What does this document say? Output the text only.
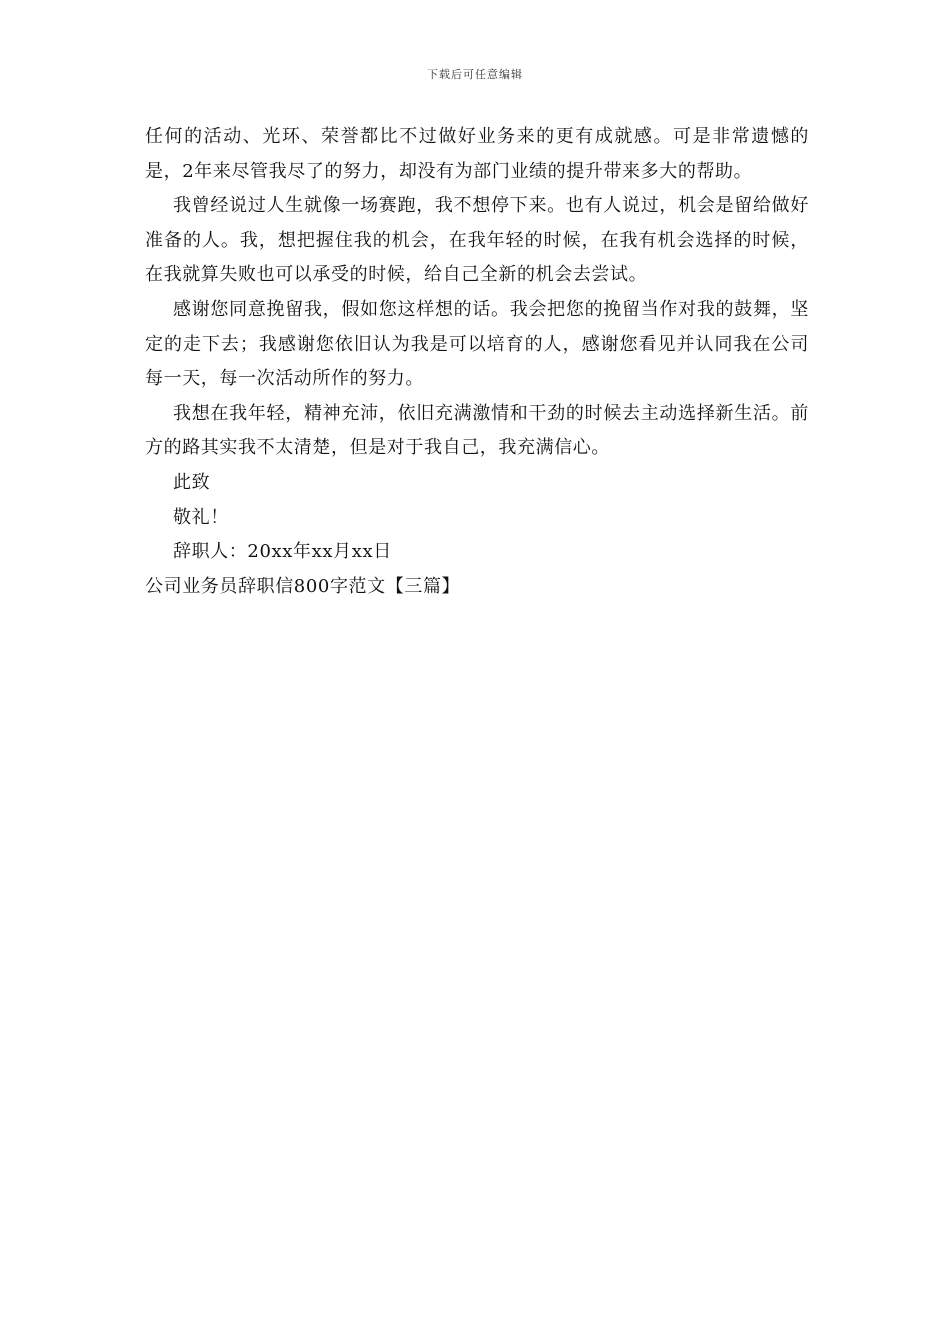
下载后可任意编辑

任何的活动、光环、荣誉都比不过做好业务来的更有成就感。可是非常遗憾的是，2年来尽管我尽了的努力，却没有为部门业绩的提升带来多大的帮助。

我曾经说过人生就像一场赛跑，我不想停下来。也有人说过，机会是留给做好准备的人。我，想把握住我的机会，在我年轻的时候，在我有机会选择的时候，在我就算失败也可以承受的时候，给自己全新的机会去尝试。

感谢您同意挽留我，假如您这样想的话。我会把您的挽留当作对我的鼓舞，坚定的走下去；我感谢您依旧认为我是可以培育的人，感谢您看见并认同我在公司每一天，每一次活动所作的努力。

我想在我年轻，精神充沛，依旧充满激情和干劲的时候去主动选择新生活。前方的路其实我不太清楚，但是对于我自己，我充满信心。

此致

敬礼！

辞职人：20xx年xx月xx日

公司业务员辞职信800字范文【三篇】
